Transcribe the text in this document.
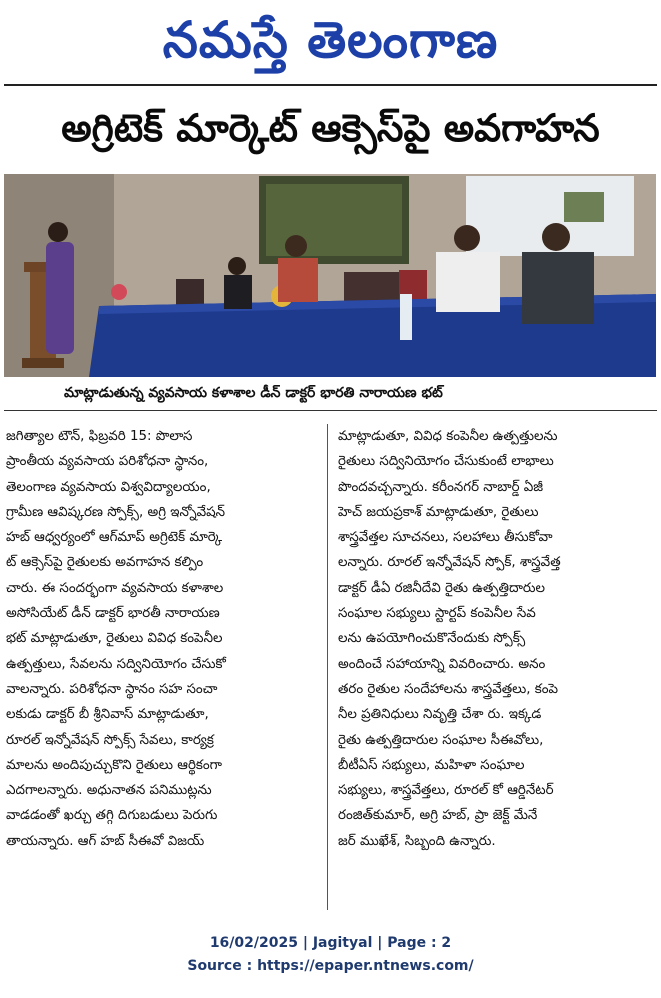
నమస్తే తెలంగాణ
అగ్రిటెక్ మార్కెట్ ఆక్సెస్‌పై అవగాహన
మాట్లాడుతున్న వ్యవసాయ కళాశాల డీన్ డాక్టర్ భారతి నారాయణ భట్
జగిత్యాల టౌన్, ఫిబ్రవరి 15: పొలాస
ప్రాంతీయ వ్యవసాయ పరిశోధనా స్థానం,
తెలంగాణ వ్యవసాయ విశ్వవిద్యాలయం,
గ్రామీణ ఆవిష్కరణ స్పోక్స్, అగ్రి ఇన్నోవేషన్
హబ్ ఆధ్వర్యంలో ఆగ్‌మాప్ అగ్రిటెక్ మార్కె
ట్ ఆక్సెస్‌పై రైతులకు అవగాహన కల్పిం
చారు. ఈ సందర్భంగా వ్యవసాయ కళాశాల
అసోసియేట్ డీన్ డాక్టర్ భారతీ నారాయణ
భట్ మాట్లాడుతూ, రైతులు వివిధ కంపెనీల
ఉత్పత్తులు, సేవలను సద్వినియోగం చేసుకో
వాలన్నారు. పరిశోధనా స్థానం సహ సంచా
లకుడు డాక్టర్ బీ శ్రీనివాస్ మాట్లాడుతూ,
రూరల్ ఇన్నోవేషన్ స్పోక్స్ సేవలు, కార్యక్ర
మాలను అందిపుచ్చుకొని రైతులు ఆర్థికంగా
ఎదగాలన్నారు. అధునాతన పనిముట్లను
వాడడంతో ఖర్చు తగ్గి దిగుబడులు పెరుగు
తాయన్నారు. ఆగ్ హబ్ సీఈవో విజయ్
మాట్లాడుతూ, వివిధ కంపెనీల ఉత్పత్తులను
రైతులు సద్వినియోగం చేసుకుంటే లాభాలు
పొందవచ్చన్నారు. కరీంనగర్ నాబార్డ్ ఏజీ
హెచ్ జయప్రకాశ్ మాట్లాడుతూ, రైతులు
శాస్త్రవేత్తల సూచనలు, సలహాలు తీసుకోవా
లన్నారు. రూరల్ ఇన్నోవేషన్ స్పోక్, శాస్త్రవేత్త
డాక్టర్ డీఏ రజినీదేవి రైతు ఉత్పత్తిదారుల
సంఘాల సభ్యులు స్టార్టప్ కంపెనీల సేవ
లను ఉపయోగించుకొనేందుకు స్పోక్స్
అందించే సహాయాన్ని వివరించారు. అనం
తరం రైతుల సందేహాలను శాస్త్రవేత్తలు, కంపె
నీల ప్రతినిధులు నివృత్తి చేశా రు. ఇక్కడ
రైతు ఉత్పత్తిదారుల సంఘాల సీఈవోలు,
బీటీఏస్ సభ్యులు, మహిళా సంఘాల
సభ్యులు, శాస్త్రవేత్తలు, రూరల్ కో ఆర్డినేటర్
రంజిత్‌కుమార్, అగ్రి హబ్, ప్రా జెక్ట్ మేనే
జర్ ముఖేశ్, సిబ్బంది ఉన్నారు.
16/02/2025 | Jagityal | Page : 2
Source : https://epaper.ntnews.com/
